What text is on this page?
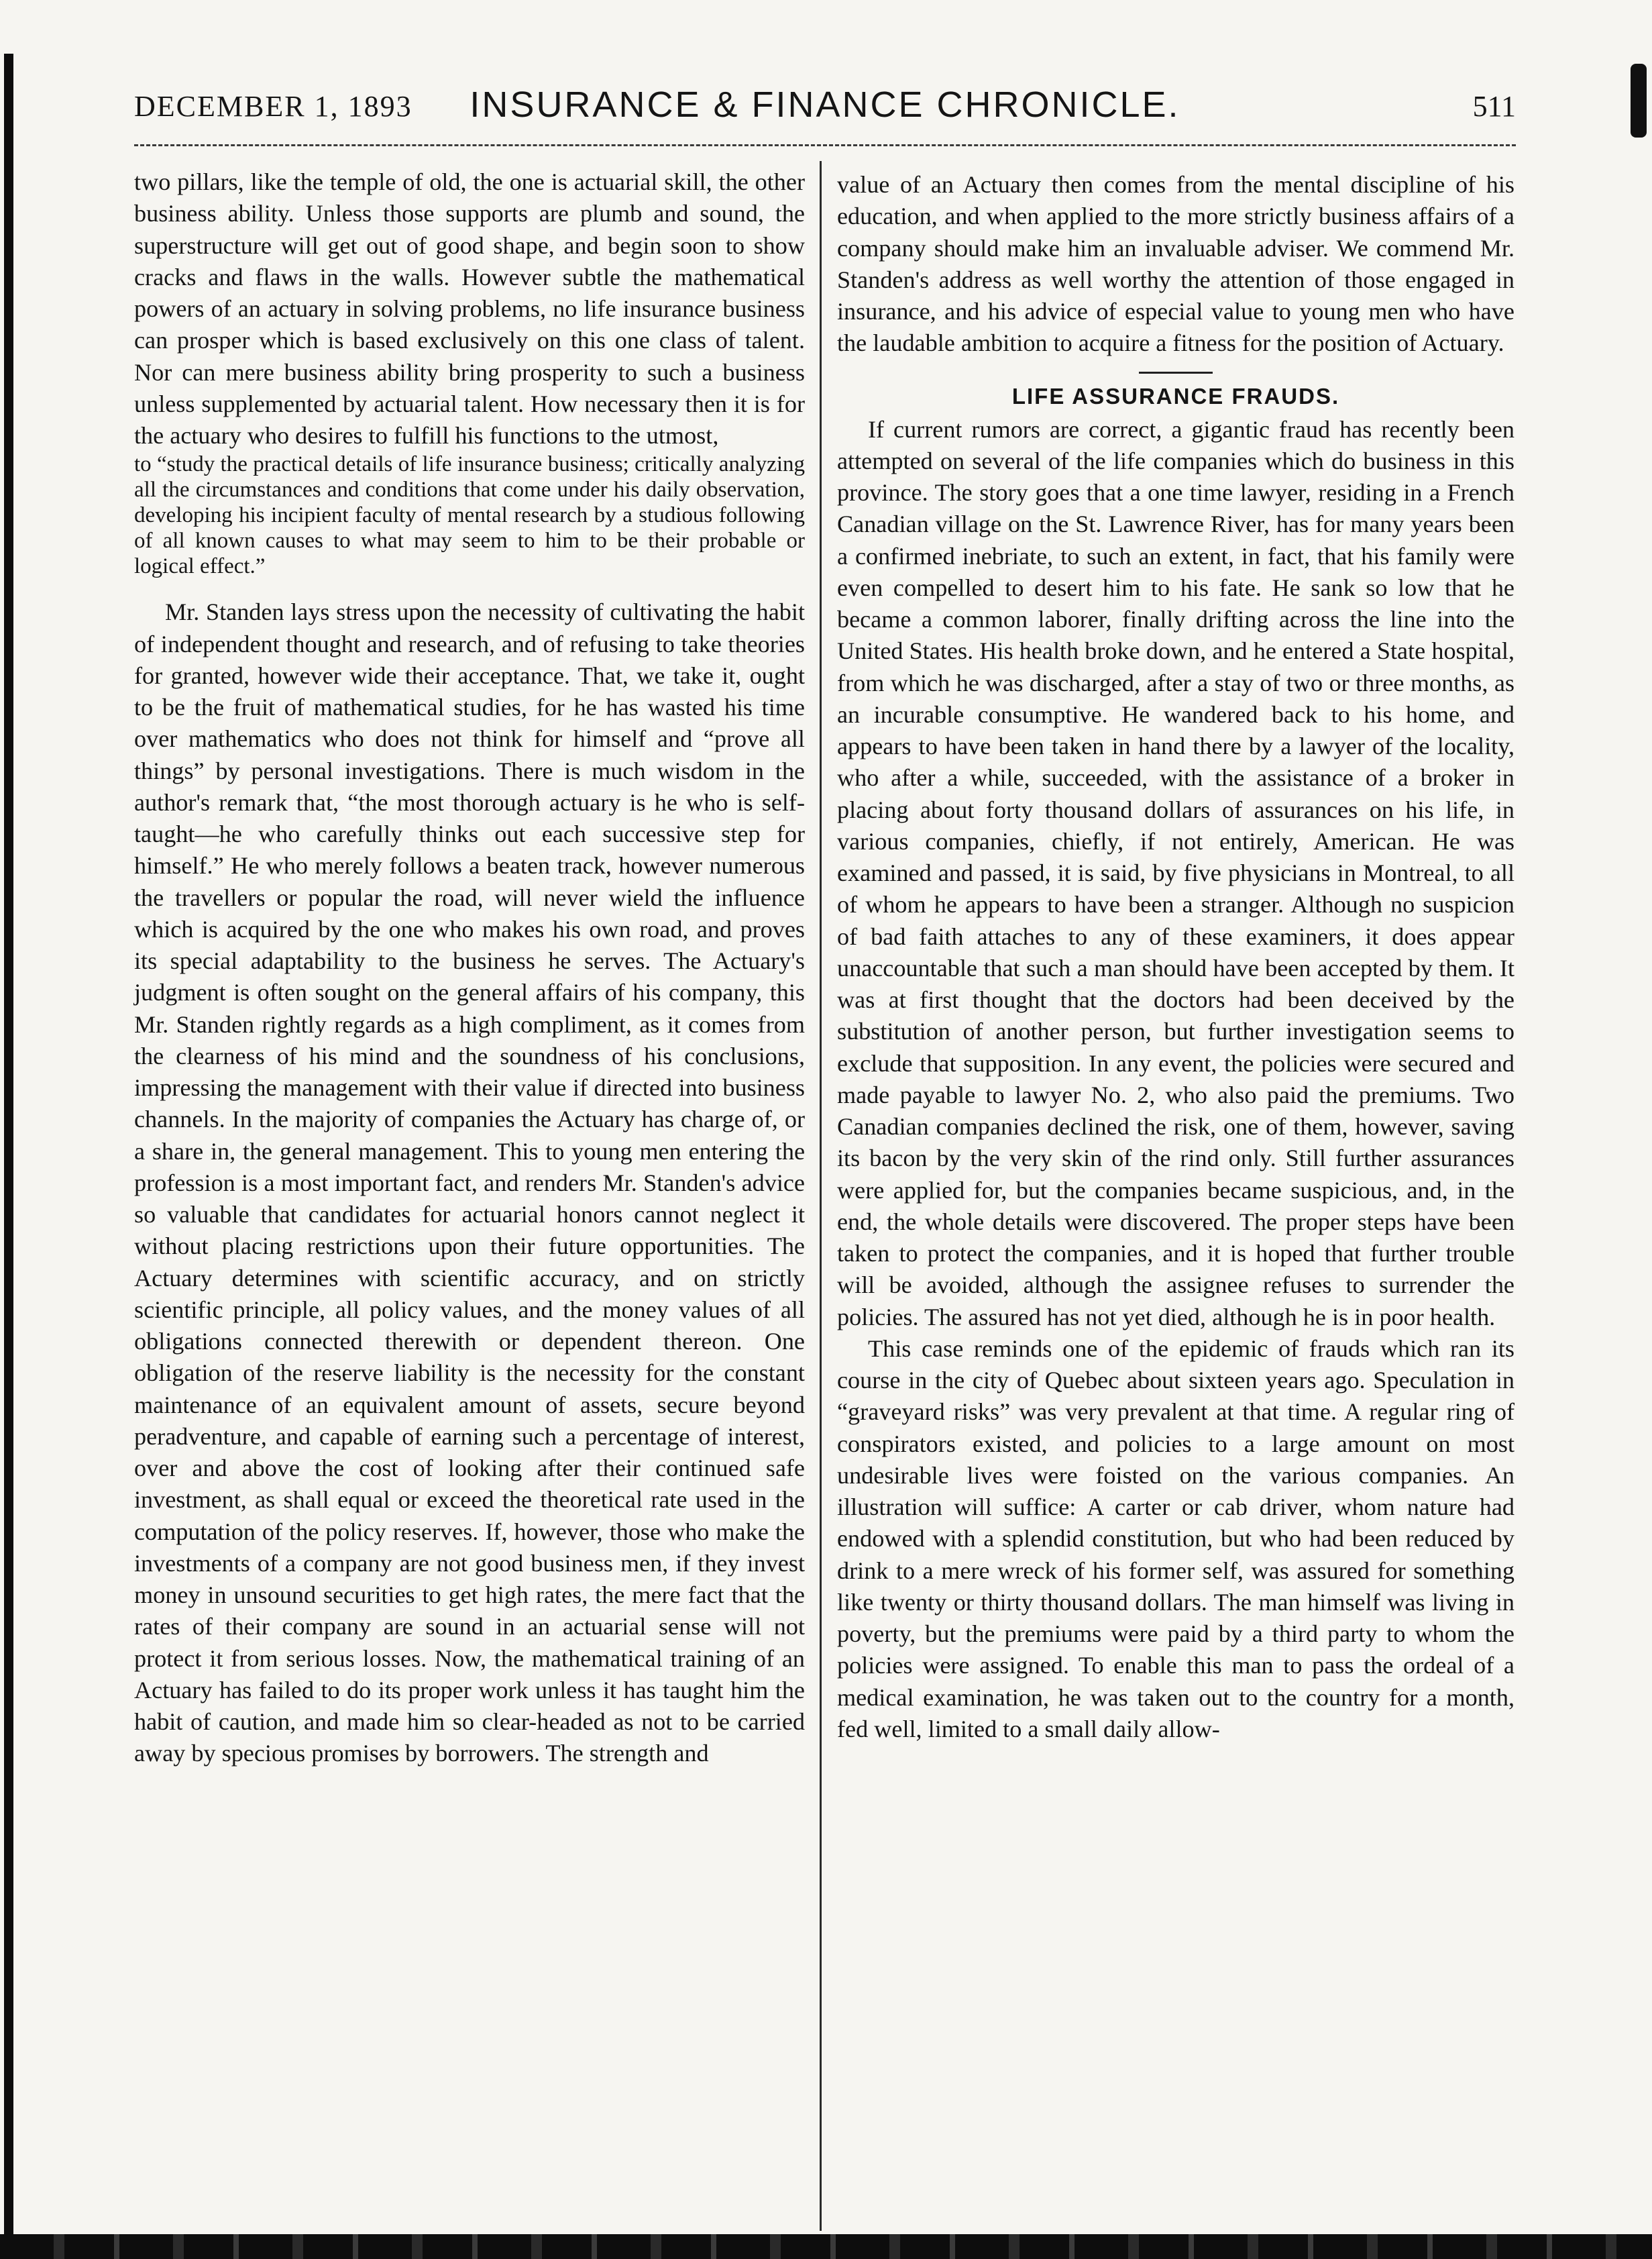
DECEMBER 1, 1893	INSURANCE & FINANCE CHRONICLE.	511

two pillars, like the temple of old, the one is actuarial skill, the other business ability. Unless those supports are plumb and sound, the superstructure will get out of good shape, and begin soon to show cracks and flaws in the walls. However subtle the mathematical powers of an actuary in solving problems, no life insurance business can prosper which is based exclusively on this one class of talent. Nor can mere business ability bring prosperity to such a business unless supplemented by actuarial talent. How necessary then it is for the actuary who desires to fulfill his functions to the utmost,

to “study the practical details of life insurance business; critically analyzing all the circumstances and conditions that come under his daily observation, developing his incipient faculty of mental research by a studious following of all known causes to what may seem to him to be their probable or logical effect.”

Mr. Standen lays stress upon the necessity of cultivating the habit of independent thought and research, and of refusing to take theories for granted, however wide their acceptance. That, we take it, ought to be the fruit of mathematical studies, for he has wasted his time over mathematics who does not think for himself and “prove all things” by personal investigations. There is much wisdom in the author's remark that, “the most thorough actuary is he who is self-taught—he who carefully thinks out each successive step for himself.” He who merely follows a beaten track, however numerous the travellers or popular the road, will never wield the influence which is acquired by the one who makes his own road, and proves its special adaptability to the business he serves. The Actuary's judgment is often sought on the general affairs of his company, this Mr. Standen rightly regards as a high compliment, as it comes from the clearness of his mind and the soundness of his conclusions, impressing the management with their value if directed into business channels. In the majority of companies the Actuary has charge of, or a share in, the general management. This to young men entering the profession is a most important fact, and renders Mr. Standen's advice so valuable that candidates for actuarial honors cannot neglect it without placing restrictions upon their future opportunities. The Actuary determines with scientific accuracy, and on strictly scientific principle, all policy values, and the money values of all obligations connected therewith or dependent thereon. One obligation of the reserve liability is the necessity for the constant maintenance of an equivalent amount of assets, secure beyond peradventure, and capable of earning such a percentage of interest, over and above the cost of looking after their continued safe investment, as shall equal or exceed the theoretical rate used in the computation of the policy reserves. If, however, those who make the investments of a company are not good business men, if they invest money in unsound securities to get high rates, the mere fact that the rates of their company are sound in an actuarial sense will not protect it from serious losses. Now, the mathematical training of an Actuary has failed to do its proper work unless it has taught him the habit of caution, and made him so clear-headed as not to be carried away by specious promises by borrowers. The strength and

value of an Actuary then comes from the mental discipline of his education, and when applied to the more strictly business affairs of a company should make him an invaluable adviser. We commend Mr. Standen's address as well worthy the attention of those engaged in insurance, and his advice of especial value to young men who have the laudable ambition to acquire a fitness for the position of Actuary.

LIFE ASSURANCE FRAUDS.

If current rumors are correct, a gigantic fraud has recently been attempted on several of the life companies which do business in this province. The story goes that a one time lawyer, residing in a French Canadian village on the St. Lawrence River, has for many years been a confirmed inebriate, to such an extent, in fact, that his family were even compelled to desert him to his fate. He sank so low that he became a common laborer, finally drifting across the line into the United States. His health broke down, and he entered a State hospital, from which he was discharged, after a stay of two or three months, as an incurable consumptive. He wandered back to his home, and appears to have been taken in hand there by a lawyer of the locality, who after a while, succeeded, with the assistance of a broker in placing about forty thousand dollars of assurances on his life, in various companies, chiefly, if not entirely, American. He was examined and passed, it is said, by five physicians in Montreal, to all of whom he appears to have been a stranger. Although no suspicion of bad faith attaches to any of these examiners, it does appear unaccountable that such a man should have been accepted by them. It was at first thought that the doctors had been deceived by the substitution of another person, but further investigation seems to exclude that supposition. In any event, the policies were secured and made payable to lawyer No. 2, who also paid the premiums. Two Canadian companies declined the risk, one of them, however, saving its bacon by the very skin of the rind only. Still further assurances were applied for, but the companies became suspicious, and, in the end, the whole details were discovered. The proper steps have been taken to protect the companies, and it is hoped that further trouble will be avoided, although the assignee refuses to surrender the policies. The assured has not yet died, although he is in poor health.

This case reminds one of the epidemic of frauds which ran its course in the city of Quebec about sixteen years ago. Speculation in “graveyard risks” was very prevalent at that time. A regular ring of conspirators existed, and policies to a large amount on most undesirable lives were foisted on the various companies. An illustration will suffice: A carter or cab driver, whom nature had endowed with a splendid constitution, but who had been reduced by drink to a mere wreck of his former self, was assured for something like twenty or thirty thousand dollars. The man himself was living in poverty, but the premiums were paid by a third party to whom the policies were assigned. To enable this man to pass the ordeal of a medical examination, he was taken out to the country for a month, fed well, limited to a small daily allow-
